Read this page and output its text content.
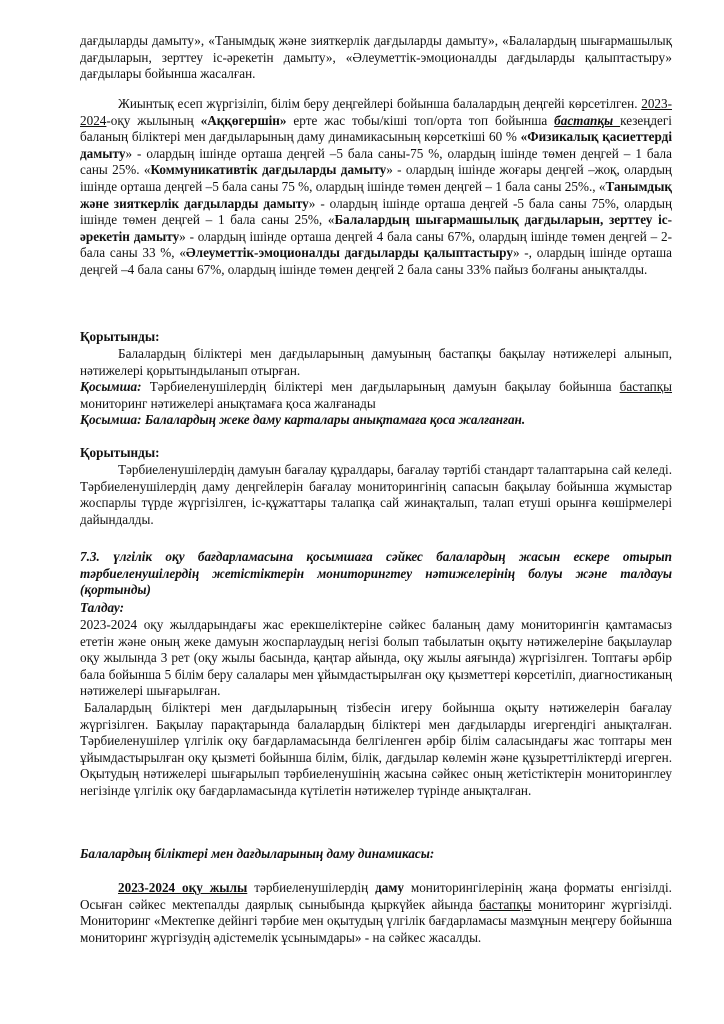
дағдыларды дамыту», «Танымдық және зияткерлік дағдыларды дамыту», «Балалардың шығармашылық дағдыларын, зерттеу іс-әрекетін дамыту», «Әлеуметтік-эмоционалды дағдыларды қалыптастыру» дағдылары бойынша жасалған.

Жиынтық есеп жүргізіліп, білім беру деңгейлері бойынша балалардың деңгейі көрсетілген. 2023-2024-оқу жылының «Аққөгершін» ерте жас тобы/кіші топ/орта топ бойынша бастапқы кезеңдегі баланың біліктері мен дағдыларының даму динамикасының көрсеткіші 60 % «Физикалық қасиеттерді дамыту» - олардың ішінде орташа деңгей –5 бала саны-75 %, олардың ішінде төмен деңгей – 1 бала саны 25%. «Коммуникативтік дағдыларды дамыту» - олардың ішінде жоғары деңгей –жоқ, олардың ішінде орташа деңгей –5 бала саны 75 %, олардың ішінде төмен деңгей – 1 бала саны 25%., «Танымдық және зияткерлік дағдыларды дамыту» - олардың ішінде орташа деңгей -5 бала саны 75%, олардың ішінде төмен деңгей – 1 бала саны 25%, «Балалардың шығармашылық дағдыларын, зерттеу іс-әрекетін дамыту» - олардың ішінде орташа деңгей 4 бала саны 67%, олардың ішінде төмен деңгей – 2- бала саны 33 %, «Әлеуметтік-эмоционалды дағдыларды қалыптастыру» -, олардың ішінде орташа деңгей –4 бала саны 67%, олардың ішінде төмен деңгей 2 бала саны 33% пайыз болғаны анықталды.

Қорытынды:

Балалардың біліктері мен дағдыларының дамуының бастапқы бақылау нәтижелері алынып, нәтижелері қорытындыланып отырған.

Қосымша: Тәрбиеленушілердің біліктері мен дағдыларының дамуын бақылау бойынша бастапқы мониторинг нәтижелері анықтамаға қоса жалғанады

Қосымша: Балалардың жеке даму карталары анықтамаға қоса жалғанған.

Қорытынды:

Тәрбиеленушілердің дамуын бағалау құралдары, бағалау тәртібі стандарт талаптарына сай келеді. Тәрбиеленушілердің даму деңгейлерін бағалау мониторингінің сапасын бақылау бойынша жұмыстар жоспарлы түрде жүргізілген, іс-құжаттары талапқа сай жинақталып, талап етуші орынға көшірмелері дайындалды.

7.3. үлгілік оқу бағдарламасына қосымшаға сәйкес балалардың жасын ескере отырып тәрбиеленушілердің жетістіктерін мониторингтеу нәтижелерінің болуы және талдауы (қортынды)

Талдау:

2023-2024 оқу жылдарындағы жас ерекшеліктеріне сәйкес баланың даму мониторингін қамтамасыз ететін және оның жеке дамуын жоспарлаудың негізі болып табылатын оқыту нәтижелеріне бақылаулар оқу жылында 3 рет (оқу жылы басында, қаңтар айында, оқу жылы аяғында) жүргізілген. Топтағы әрбір бала бойынша 5 білім беру салалары мен ұйымдастырылған оқу қызметтері көрсетіліп, диагностиканың нәтижелері шығарылған.

Балалардың біліктері мен дағдыларының тізбесін игеру бойынша оқыту нәтижелерін бағалау жүргізілген. Бақылау парақтарында балалардың біліктері мен дағдыларды игергендігі анықталған. Тәрбиеленушілер үлгілік оқу бағдарламасында белгіленген әрбір білім саласындағы жас топтары мен ұйымдастырылған оқу қызметі бойынша білім, білік, дағдылар көлемін және құзыреттіліктерді игерген. Оқытудың нәтижелері шығарылып тәрбиеленушінің жасына сәйкес оның жетістіктерін мониторинглеу негізінде үлгілік оқу бағдарламасында күтілетін нәтижелер түрінде анықталған.

Балалардың біліктері мен дағдыларының даму динамикасы:

2023-2024 оқу жылы тәрбиеленушілердің даму мониторингілерінің жаңа форматы енгізілді. Осыған сәйкес мектепалды даярлық сыныбында қыркүйек айында бастапқы мониторинг жүргізілді. Мониторинг «Мектепке дейінгі тәрбие мен оқытудың үлгілік бағдарламасы мазмұнын меңгеру бойынша мониторинг жүргізудің әдістемелік ұсынымдары» - на сәйкес жасалды.
